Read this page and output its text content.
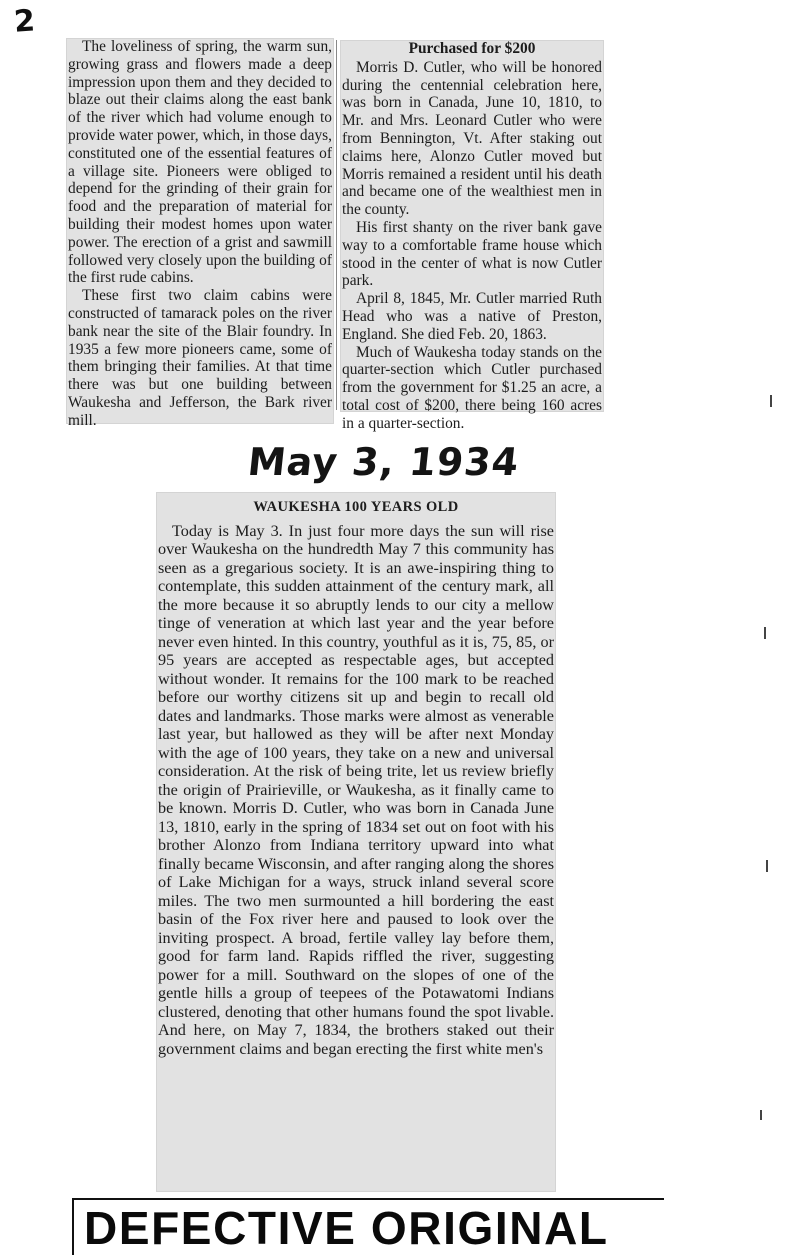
2

The loveliness of spring, the warm sun, growing grass and flowers made a deep impression upon them and they decided to blaze out their claims along the east bank of the river which had volume enough to provide water power, which, in those days, constituted one of the essential features of a village site. Pioneers were obliged to depend for the grinding of their grain for food and the preparation of material for building their modest homes upon water power. The erection of a grist and sawmill followed very closely upon the building of the first rude cabins.

These first two claim cabins were constructed of tamarack poles on the river bank near the site of the Blair foundry. In 1935 a few more pioneers came, some of them bringing their families. At that time there was but one building between Waukesha and Jefferson, the Bark river mill.

Purchased for $200

Morris D. Cutler, who will be honored during the centennial celebration here, was born in Canada, June 10, 1810, to Mr. and Mrs. Leonard Cutler who were from Bennington, Vt. After staking out claims here, Alonzo Cutler moved but Morris remained a resident until his death and became one of the wealthiest men in the county.

His first shanty on the river bank gave way to a comfortable frame house which stood in the center of what is now Cutler park.

April 8, 1845, Mr. Cutler married Ruth Head who was a native of Preston, England. She died Feb. 20, 1863.

Much of Waukesha today stands on the quarter-section which Cutler purchased from the government for $1.25 an acre, a total cost of $200, there being 160 acres in a quarter-section.

May 3, 1934

WAUKESHA 100 YEARS OLD

Today is May 3. In just four more days the sun will rise over Waukesha on the hundredth May 7 this community has seen as a gregarious society. It is an awe-inspiring thing to contemplate, this sudden attainment of the century mark, all the more because it so abruptly lends to our city a mellow tinge of veneration at which last year and the year before never even hinted. In this country, youthful as it is, 75, 85, or 95 years are accepted as respectable ages, but accepted without wonder. It remains for the 100 mark to be reached before our worthy citizens sit up and begin to recall old dates and landmarks. Those marks were almost as venerable last year, but hallowed as they will be after next Monday with the age of 100 years, they take on a new and universal consideration. At the risk of being trite, let us review briefly the origin of Prairieville, or Waukesha, as it finally came to be known. Morris D. Cutler, who was born in Canada June 13, 1810, early in the spring of 1834 set out on foot with his brother Alonzo from Indiana territory upward into what finally became Wisconsin, and after ranging along the shores of Lake Michigan for a ways, struck inland several score miles. The two men surmounted a hill bordering the east basin of the Fox river here and paused to look over the inviting prospect. A broad, fertile valley lay before them, good for farm land. Rapids riffled the river, suggesting power for a mill. Southward on the slopes of one of the gentle hills a group of teepees of the Potawatomi Indians clustered, denoting that other humans found the spot livable. And here, on May 7, 1834, the brothers staked out their government claims and began erecting the first white men's

DEFECTIVE ORIGINAL
